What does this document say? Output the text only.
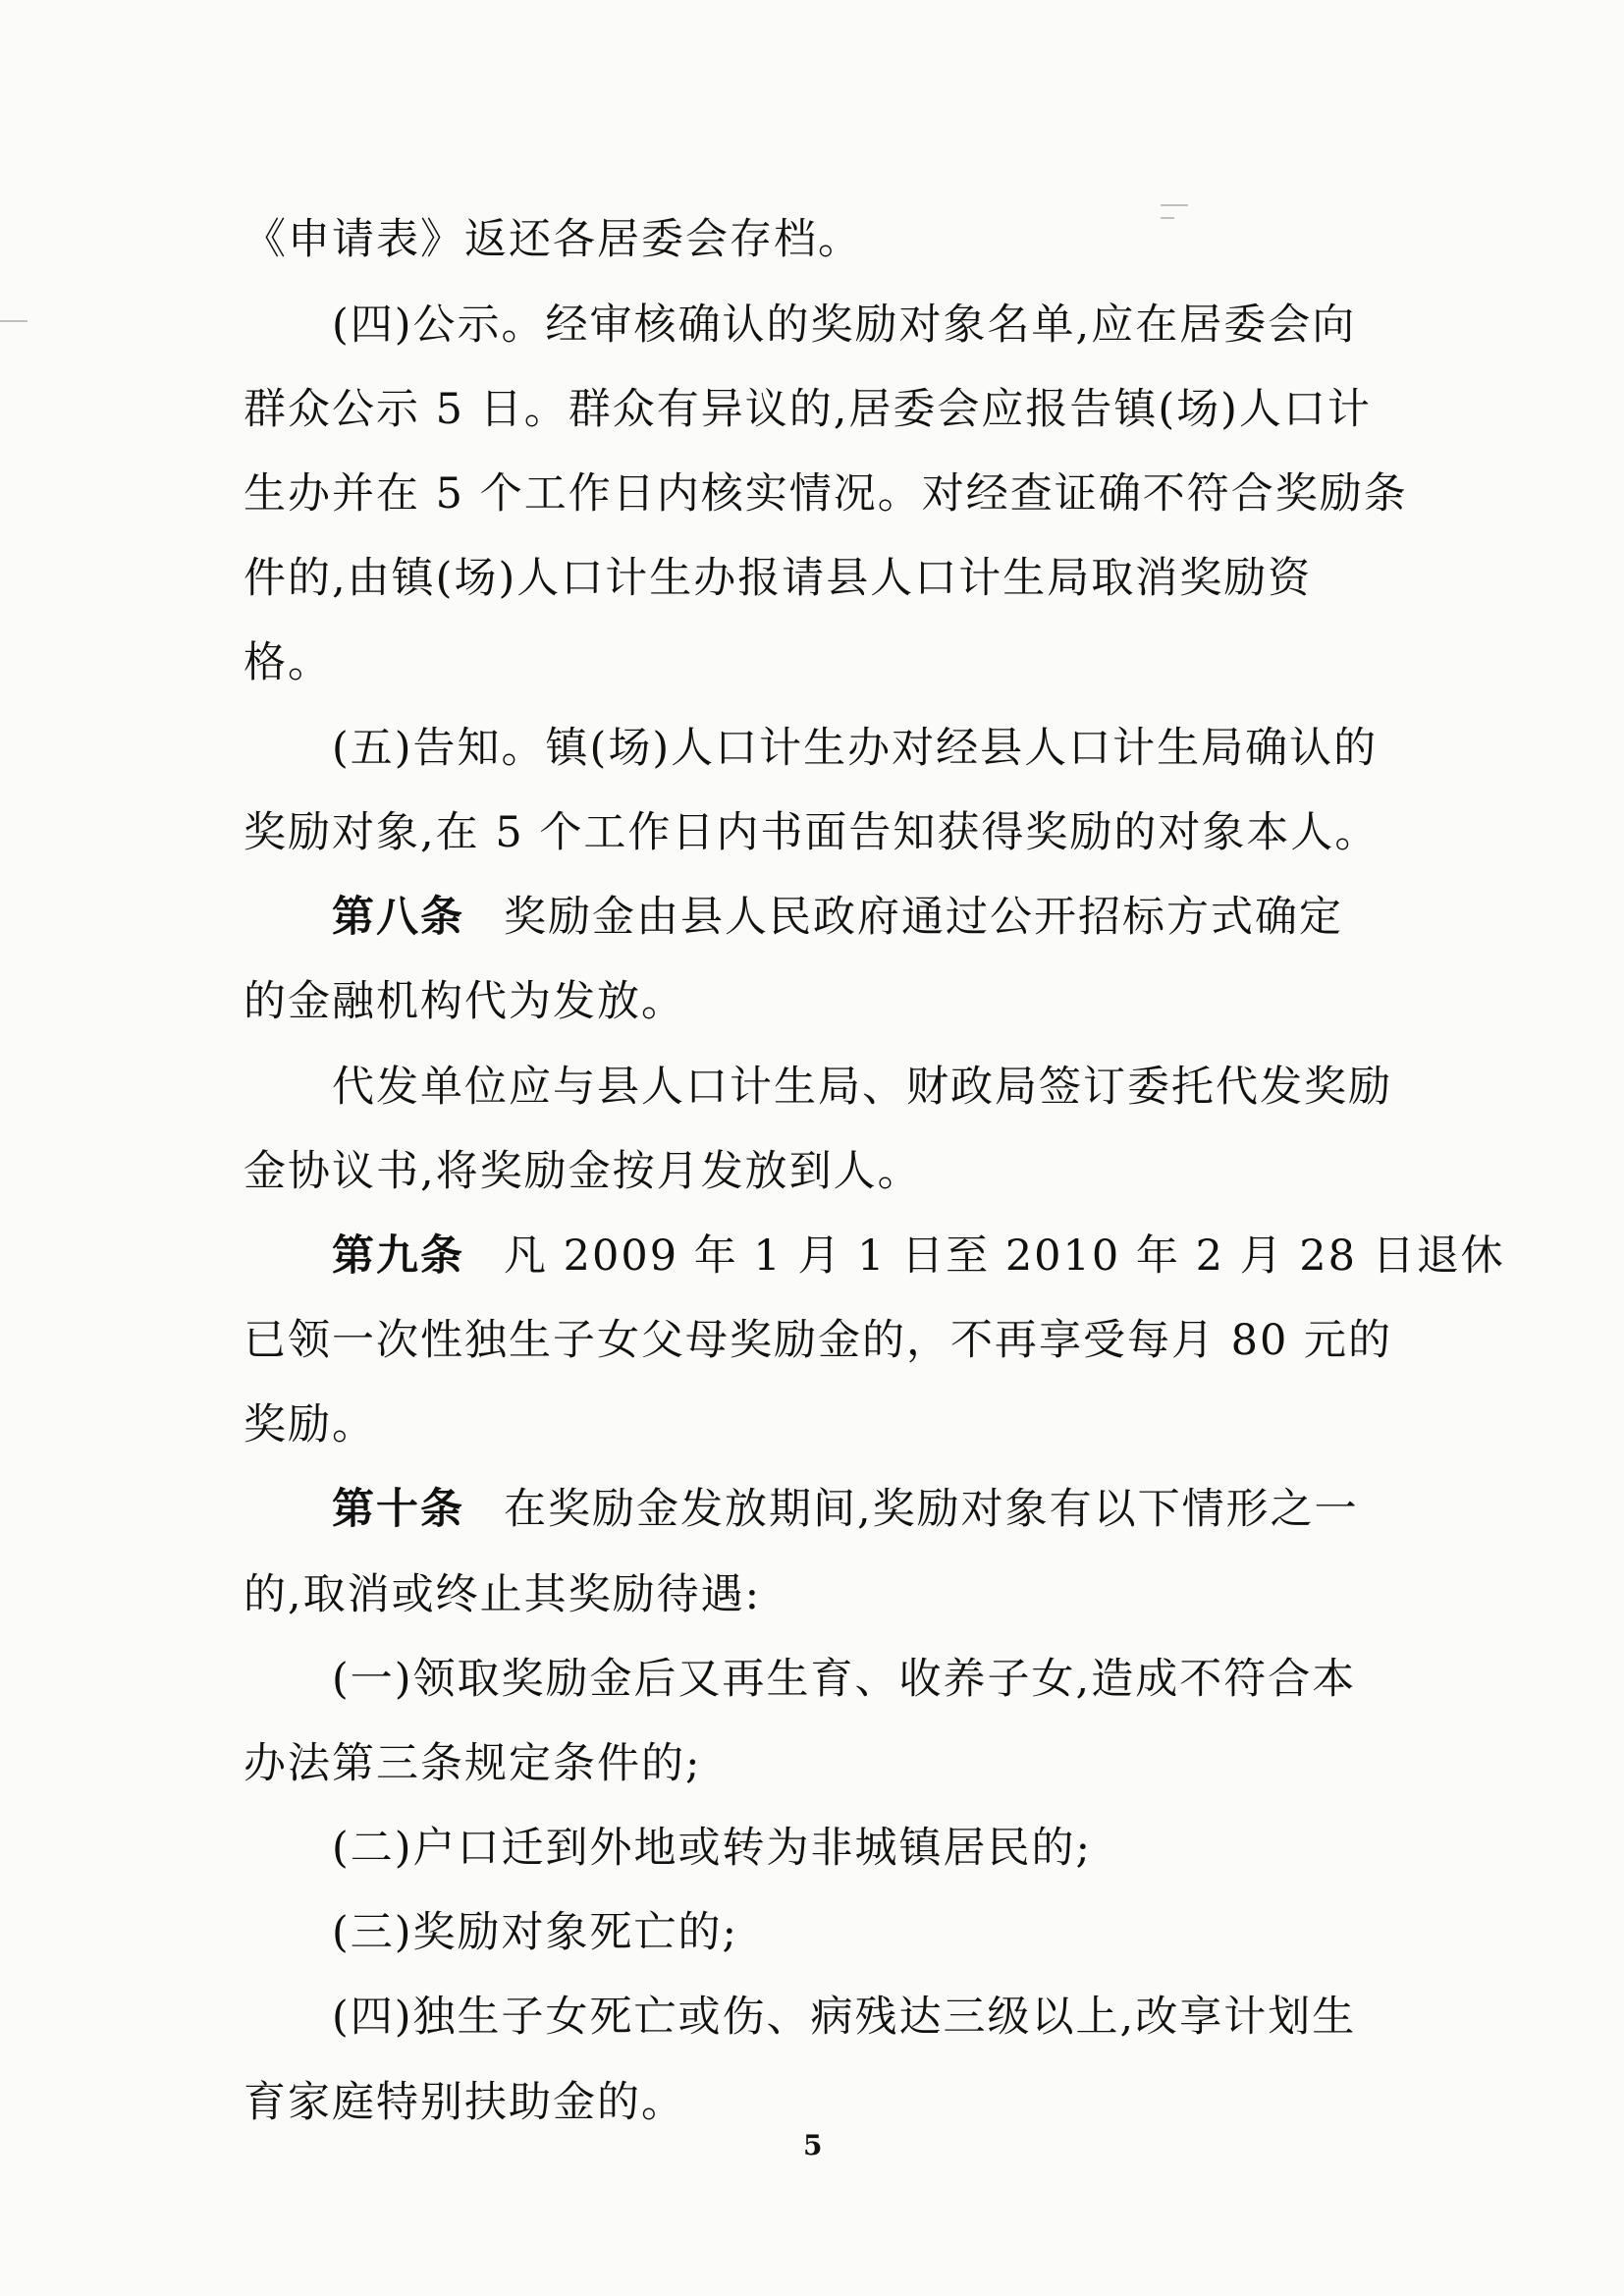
《申请表》返还各居委会存档。
(四)公示。经审核确认的奖励对象名单,应在居委会向
群众公示 5 日。群众有异议的,居委会应报告镇(场)人口计
生办并在 5 个工作日内核实情况。对经查证确不符合奖励条
件的,由镇(场)人口计生办报请县人口计生局取消奖励资
格。
(五)告知。镇(场)人口计生办对经县人口计生局确认的
奖励对象,在 5 个工作日内书面告知获得奖励的对象本人。
第八条 奖励金由县人民政府通过公开招标方式确定
的金融机构代为发放。
代发单位应与县人口计生局、财政局签订委托代发奖励
金协议书,将奖励金按月发放到人。
第九条 凡 2009 年 1 月 1 日至 2010 年 2 月 28 日退休
已领一次性独生子女父母奖励金的，不再享受每月 80 元的
奖励。
第十条 在奖励金发放期间,奖励对象有以下情形之一
的,取消或终止其奖励待遇:
(一)领取奖励金后又再生育、收养子女,造成不符合本
办法第三条规定条件的;
(二)户口迁到外地或转为非城镇居民的;
(三)奖励对象死亡的;
(四)独生子女死亡或伤、病残达三级以上,改享计划生
育家庭特别扶助金的。
5
